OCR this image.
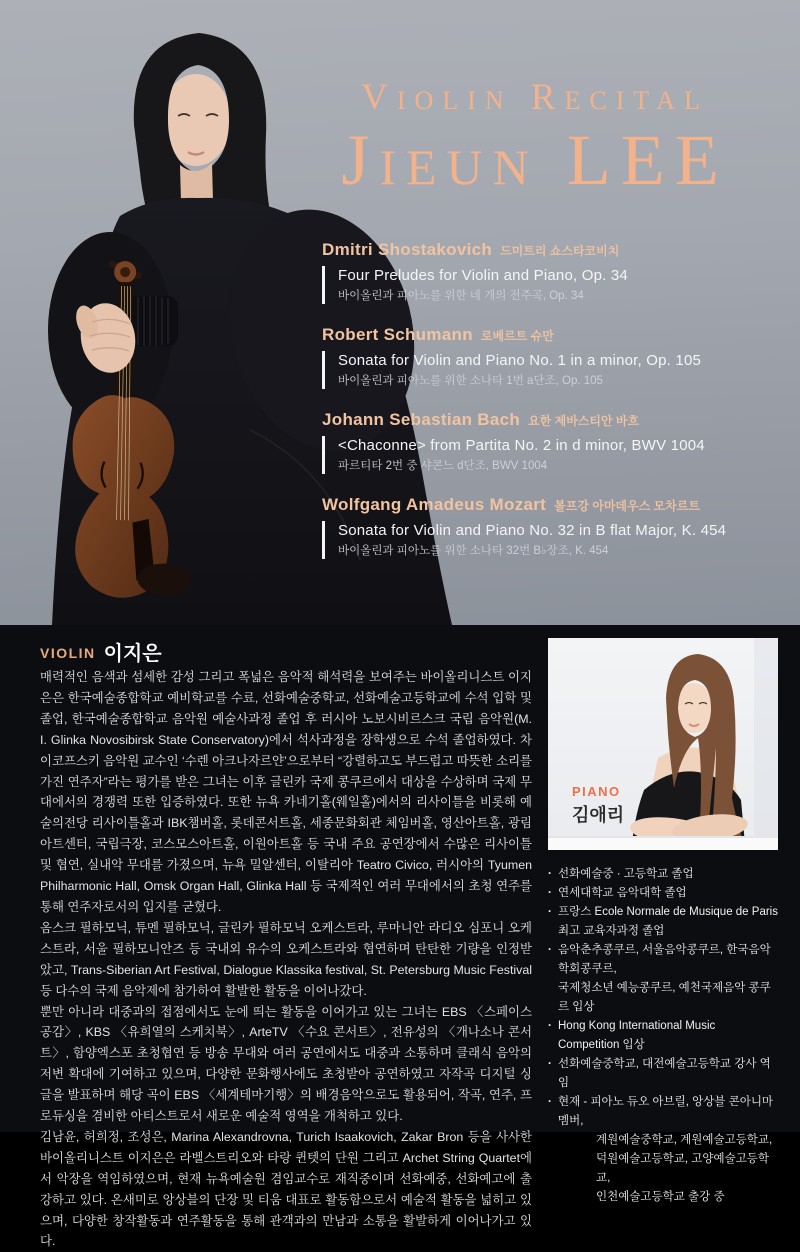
Violin Recital
Jieun LEE
Dmitri Shostakovich 드미트리 쇼스타코비치
Four Preludes for Violin and Piano, Op. 34
바이올린과 피아노를 위한 네 개의 전주곡, Op. 34
Robert Schumann 로베르트 슈만
Sonata for Violin and Piano No. 1 in a minor, Op. 105
바이올린과 피아노를 위한 소나타 1번 a단조, Op. 105
Johann Sebastian Bach 요한 제바스티안 바흐
<Chaconne> from Partita No. 2 in d minor, BWV 1004
파르티타 2번 중 샤콘느 d단조, BWV 1004
Wolfgang Amadeus Mozart 볼프강 아마데우스 모차르트
Sonata for Violin and Piano No. 32 in B flat Major, K. 454
바이올린과 피아노를 위한 소나타 32번 B♭장조, K. 454
VIOLIN 이지은

매력적인 음색과 섬세한 감성 그리고 폭넓은 음악적 해석력을 보여주는 바이올리니스트 이지은은 한국예술종합학교 예비학교를 수료, 선화예술중학교, 선화예술고등학교에 수석 입학 및 졸업, 한국예술종합학교 음악원 예술사과정 졸업 후 러시아 노보시비르스크 국립 음악원(M. I. Glinka Novosibirsk State Conservatory)에서 석사과정을 장학생으로 수석 졸업하였다. 차이코프스키 음악원 교수인 ‘수렌 아크나자르얀’으로부터 “강렬하고도 부드럽고 따뜻한 소리를 가진 연주자”라는 평가를 받은 그녀는 이후 글린카 국제 콩쿠르에서 대상을 수상하며 국제 무대에서의 경쟁력 또한 입증하였다. 또한 뉴욕 카네기홀(웨일홀)에서의 리사이틀을 비롯해 예술의전당 리사이틀홀과 IBK챔버홀, 롯데콘서트홀, 세종문화회관 체임버홀, 영산아트홀, 광림아트센터, 국립극장, 코스모스아트홀, 이원아트홀 등 국내 주요 공연장에서 수많은 리사이틀 및 협연, 실내악 무대를 가졌으며, 뉴욕 밀알센터, 이탈리아 Teatro Civico, 러시아의 Tyumen Philharmonic Hall, Omsk Organ Hall, Glinka Hall 등 국제적인 여러 무대에서의 초청 연주를 통해 연주자로서의 입지를 굳혔다.

옴스크 필하모닉, 튜멘 필하모닉, 글린카 필하모닉 오케스트라, 루마니안 라디오 심포니 오케스트라, 서울 필하모니안즈 등 국내외 유수의 오케스트라와 협연하며 탄탄한 기량을 인정받았고, Trans-Siberian Art Festival, Dialogue Klassika festival, St. Petersburg Music Festival 등 다수의 국제 음악제에 참가하여 활발한 활동을 이어나갔다.

뿐만 아니라 대중과의 접점에서도 눈에 띄는 활동을 이어가고 있는 그녀는 EBS 〈스페이스 공감〉, KBS 〈유희열의 스케치북〉, ArteTV 〈수요 콘서트〉, 전유성의 〈개나소나 콘서트〉, 함양엑스포 초청협연 등 방송 무대와 여러 공연에서도 대중과 소통하며 클래식 음악의 저변 확대에 기여하고 있으며, 다양한 문화행사에도 초청받아 공연하였고 자작곡 디지털 싱글을 발표하며 해당 곡이 EBS 〈세계테마기행〉의 배경음악으로도 활용되어, 작곡, 연주, 프로듀싱을 겸비한 아티스트로서 새로운 예술적 영역을 개척하고 있다.

김남윤, 허희정, 조성은, Marina Alexandrovna, Turich Isaakovich, Zakar Bron 등을 사사한 바이올리니스트 이지은은 라벨스트리오와 타랑 퀸텟의 단원 그리고 Archet String Quartet에서 악장을 역임하였으며, 현재 뉴욕예술원 겸임교수로 재직중이며 선화예중, 선화예고에 출강하고 있다. 온새미로 앙상블의 단장 및 티움 대표로 활동함으로서 예술적 활동을 넓히고 있으며, 다양한 창작활동과 연주활동을 통해 관객과의 만남과 소통을 활발하게 이어나가고 있다.

PIANO
김애리
· 선화예술중 · 고등학교 졸업
· 연세대학교 음악대학 졸업
· 프랑스 Ecole Normale de Musique de Paris
최고 교육자과정 졸업
· 음악춘추콩쿠르, 서울음악콩쿠르, 한국음악학회콩쿠르,
국제청소년 예능콩쿠르, 예천국제음악 콩쿠르 입상
· Hong Kong International Music Competition 입상
· 선화예술중학교, 대전예술고등학교 강사 역임
· 현재 - 피아노 듀오 아브릴, 앙상블 콘아니마 멤버,
계원예술중학교, 계원예술고등학교,
덕원예술고등학교, 고양예술고등학교,
인천예술고등학교 출강 중
